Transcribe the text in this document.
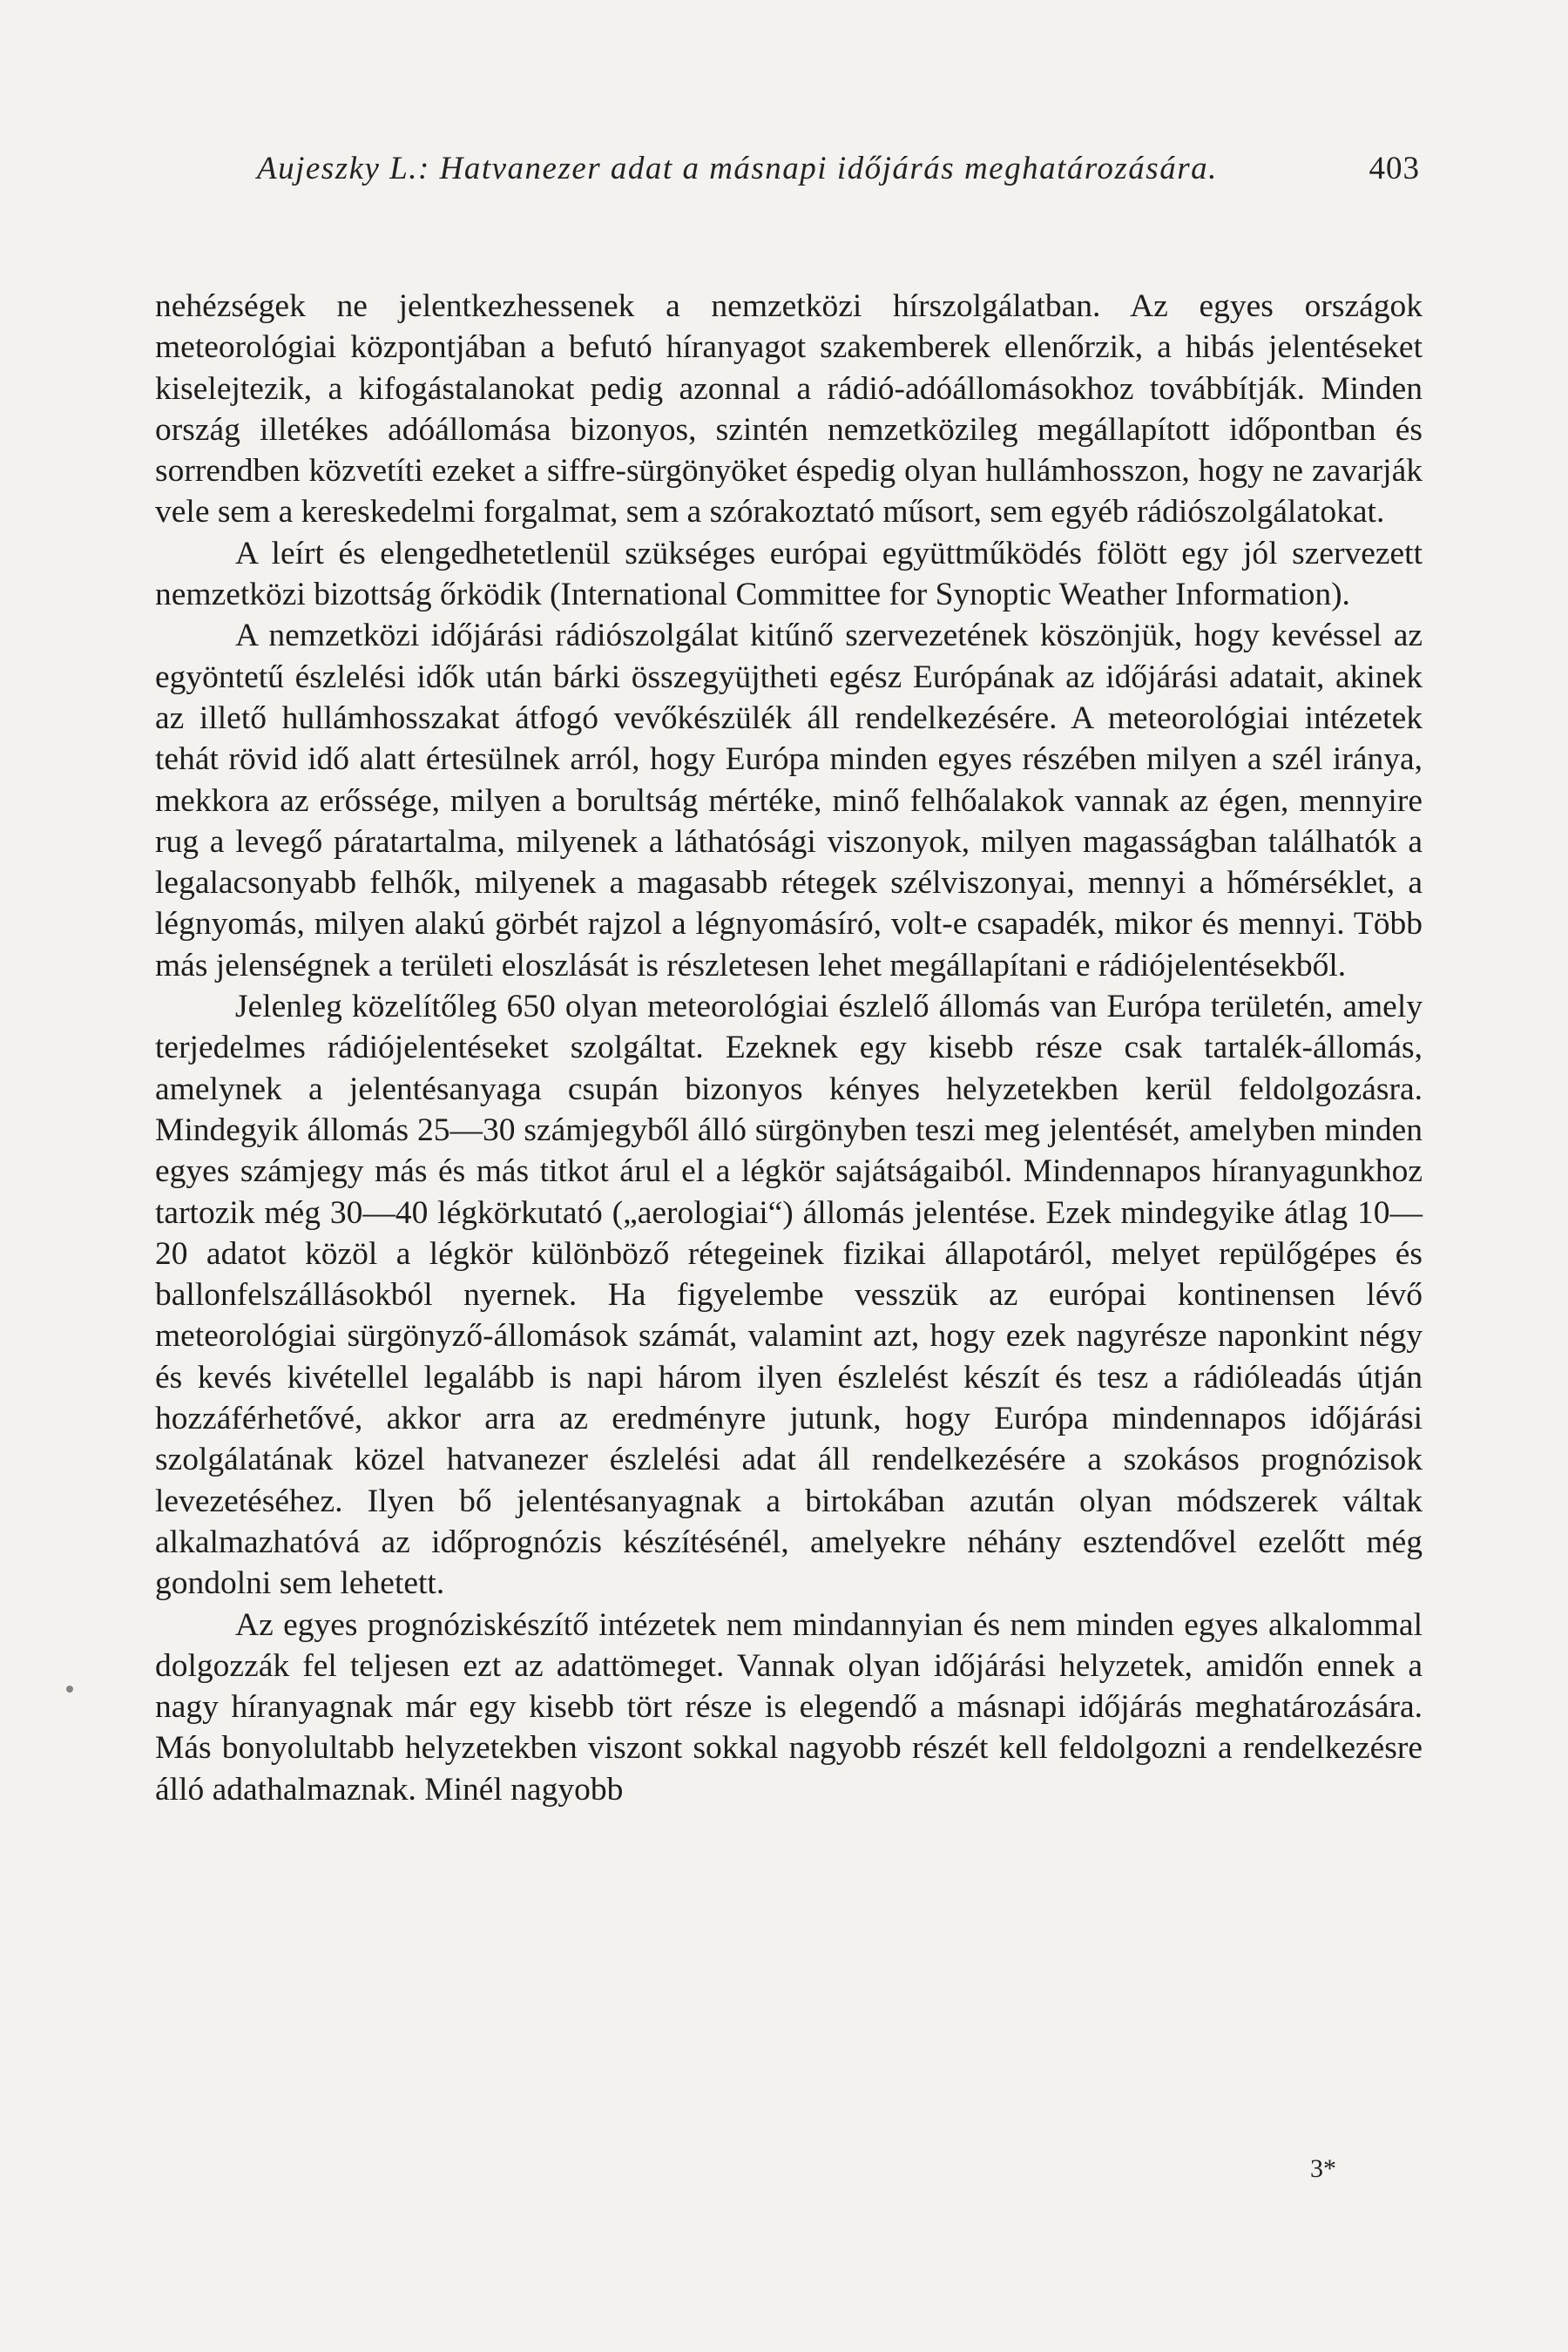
Aujeszky L.: Hatvanezer adat a másnapi időjárás meghatározására.	403

nehézségek ne jelentkezhessenek a nemzetközi hírszolgálatban. Az egyes országok meteorológiai központjában a befutó híranyagot szakemberek ellenőrzik, a hibás jelentéseket kiselejtezik, a kifogástalanokat pedig azonnal a rádió-adóállomásokhoz továbbítják. Minden ország illetékes adóállomása bizonyos, szintén nemzetközileg megállapított időpontban és sorrendben közvetíti ezeket a siffre-sürgönyöket éspedig olyan hullámhosszon, hogy ne zavarják vele sem a kereskedelmi forgalmat, sem a szórakoztató műsort, sem egyéb rádiószolgálatokat.

A leírt és elengedhetetlenül szükséges európai együttműködés fölött egy jól szervezett nemzetközi bizottság őrködik (International Committee for Synoptic Weather Information).

A nemzetközi időjárási rádiószolgálat kitűnő szervezetének köszönjük, hogy kevéssel az egyöntetű észlelési idők után bárki összegyüjtheti egész Európának az időjárási adatait, akinek az illető hullámhosszakat átfogó vevőkészülék áll rendelkezésére. A meteorológiai intézetek tehát rövid idő alatt értesülnek arról, hogy Európa minden egyes részében milyen a szél iránya, mekkora az erőssége, milyen a borultság mértéke, minő felhőalakok vannak az égen, mennyire rug a levegő páratartalma, milyenek a láthatósági viszonyok, milyen magasságban találhatók a legalacsonyabb felhők, milyenek a magasabb rétegek szélviszonyai, mennyi a hőmérséklet, a légnyomás, milyen alakú görbét rajzol a légnyomásíró, volt-e csapadék, mikor és mennyi. Több más jelenségnek a területi eloszlását is részletesen lehet megállapítani e rádiójelentésekből.

Jelenleg közelítőleg 650 olyan meteorológiai észlelő állomás van Európa területén, amely terjedelmes rádiójelentéseket szolgáltat. Ezeknek egy kisebb része csak tartalék-állomás, amelynek a jelentésanyaga csupán bizonyos kényes helyzetekben kerül feldolgozásra. Mindegyik állomás 25—30 számjegyből álló sürgönyben teszi meg jelentését, amelyben minden egyes számjegy más és más titkot árul el a légkör sajátságaiból. Mindennapos híranyagunkhoz tartozik még 30—40 légkörkutató („aerologiai“) állomás jelentése. Ezek mindegyike átlag 10—20 adatot közöl a légkör különböző rétegeinek fizikai állapotáról, melyet repülőgépes és ballonfelszállásokból nyernek. Ha figyelembe vesszük az európai kontinensen lévő meteorológiai sürgönyző-állomások számát, valamint azt, hogy ezek nagyrésze naponkint négy és kevés kivétellel legalább is napi három ilyen észlelést készít és tesz a rádióleadás útján hozzáférhetővé, akkor arra az eredményre jutunk, hogy Európa mindennapos időjárási szolgálatának közel hatvanezer észlelési adat áll rendelkezésére a szokásos prognózisok levezetéséhez. Ilyen bő jelentésanyagnak a birtokában azután olyan módszerek váltak alkalmazhatóvá az időprognózis készítésénél, amelyekre néhány esztendővel ezelőtt még gondolni sem lehetett.

Az egyes prognóziskészítő intézetek nem mindannyian és nem minden egyes alkalommal dolgozzák fel teljesen ezt az adattömeget. Vannak olyan időjárási helyzetek, amidőn ennek a nagy híranyagnak már egy kisebb tört része is elegendő a másnapi időjárás meghatározására. Más bonyolultabb helyzetekben viszont sokkal nagyobb részét kell feldolgozni a rendelkezésre álló adathalmaznak. Minél nagyobb

3*
